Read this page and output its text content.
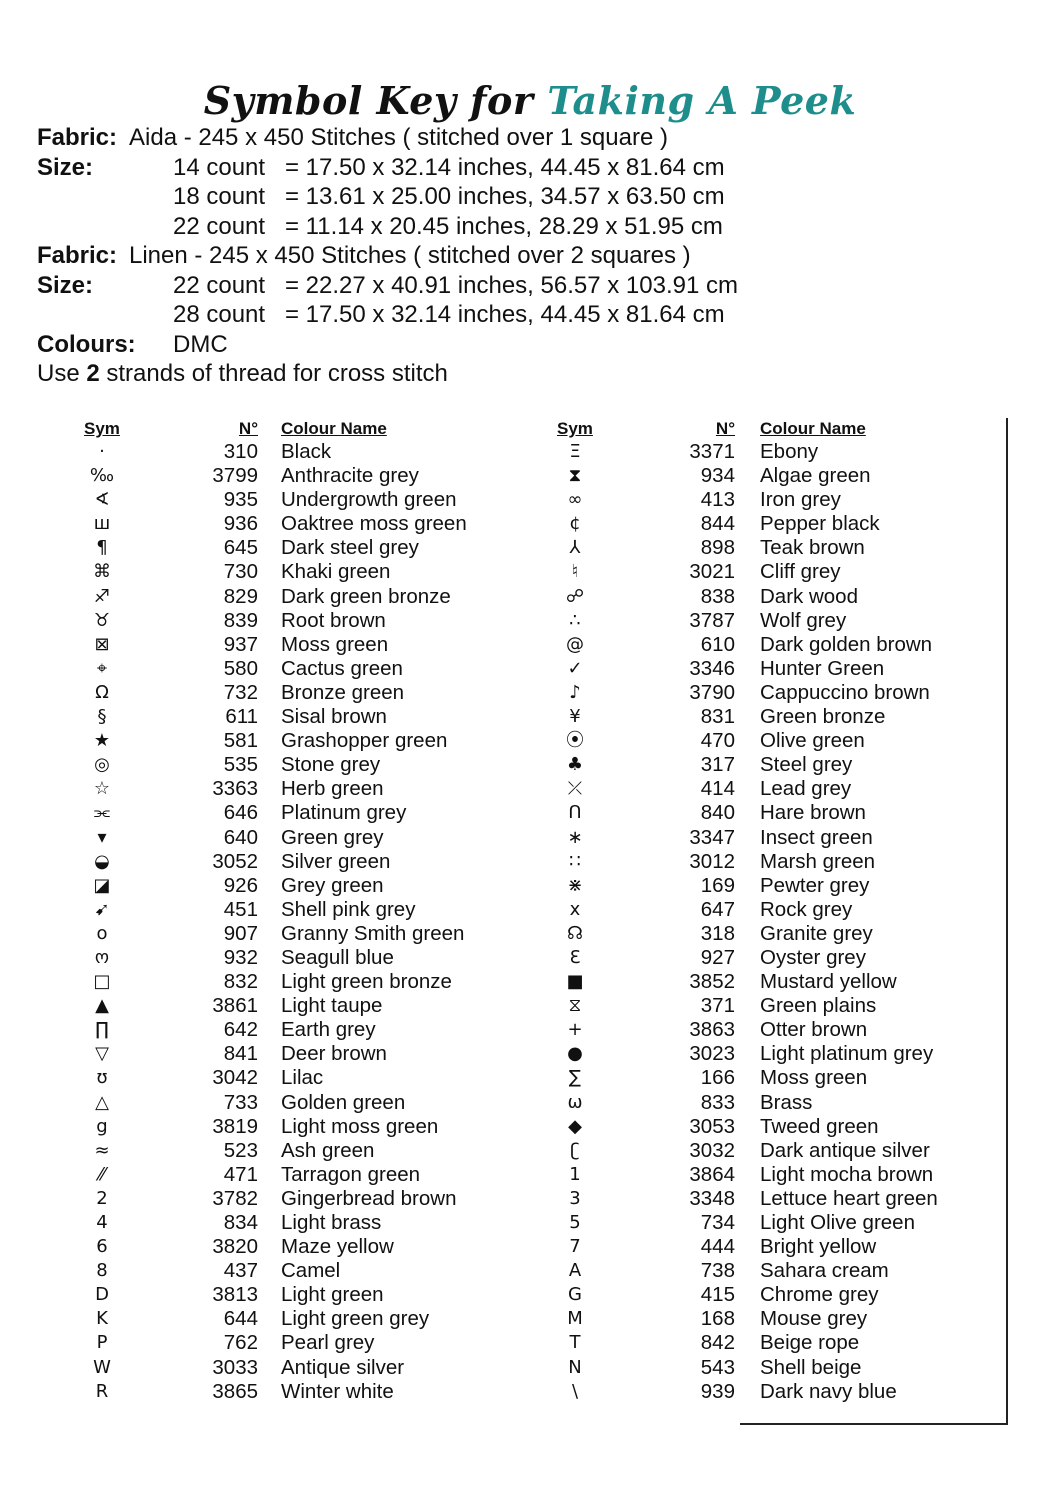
Symbol Key for Taking A Peek
Fabric: Aida - 245 x 450 Stitches ( stitched over 1 square )
Size:	14 count = 17.50 x 32.14 inches, 44.45 x 81.64 cm
18 count = 13.61 x 25.00 inches, 34.57 x 63.50 cm
22 count = 11.14 x 20.45 inches, 28.29 x 51.95 cm
Fabric: Linen - 245 x 450 Stitches ( stitched over 2 squares )
Size:	22 count = 22.27 x 40.91 inches, 56.57 x 103.91 cm
28 count = 17.50 x 32.14 inches, 44.45 x 81.64 cm
Colours: DMC
Use 2 strands of thread for cross stitch
Sym	N° Colour Name	Sym	N° Colour Name
·	310 Black
‰	3799 Anthracite grey
∢	935 Undergrowth green
ш	936 Oaktree moss green
¶	645 Dark steel grey
⌘	730 Khaki green
♐	829 Dark green bronze
♉	839 Root brown
⊠	937 Moss green
⌖	580 Cactus green
Ω	732 Bronze green
§	611 Sisal brown
★	581 Grashopper green
◎	535 Stone grey
☆	3363 Herb green
⫘	646 Platinum grey
▾	640 Green grey
◒	3052 Silver green
◪	926 Grey green
➹	451 Shell pink grey
o	907 Granny Smith green
ო	932 Seagull blue
□	832 Light green bronze
▲	3861 Light taupe
∏	642 Earth grey
▽	841 Deer brown
ʊ	3042 Lilac
△	733 Golden green
g	3819 Light moss green
≈	523 Ash green
⁄⁄	471 Tarragon green
2	3782 Gingerbread brown
4	834 Light brass
6	3820 Maze yellow
8	437 Camel
D	3813 Light green
K	644 Light green grey
P	762 Pearl grey
W	3033 Antique silver
R	3865 Winter white
Ξ	3371 Ebony
⧗	934 Algae green
∞	413 Iron grey
¢	844 Pepper black
⅄	898 Teak brown
♮	3021 Cliff grey
☍	838 Dark wood
∴	3787 Wolf grey
@	610 Dark golden brown
✓	3346 Hunter Green
♪	3790 Cappuccino brown
¥	831 Green bronze
⦿	470 Olive green
♣	317 Steel grey
⤫	414 Lead grey
ᑎ	840 Hare brown
∗	3347 Insect green
∷	3012 Marsh green
⋇	169 Pewter grey
x	647 Rock grey
☊	318 Granite grey
Ɛ	927 Oyster grey
■	3852 Mustard yellow
⧖	371 Green plains
+	3863 Otter brown
●	3023 Light platinum grey
∑	166 Moss green
ω	833 Brass
◆	3053 Tweed green
ʗ	3032 Dark antique silver
1	3864 Light mocha brown
3	3348 Lettuce heart green
5	734 Light Olive green
7	444 Bright yellow
A	738 Sahara cream
G	415 Chrome grey
M	168 Mouse grey
T	842 Beige rope
N	543 Shell beige
\	939 Dark navy blue
